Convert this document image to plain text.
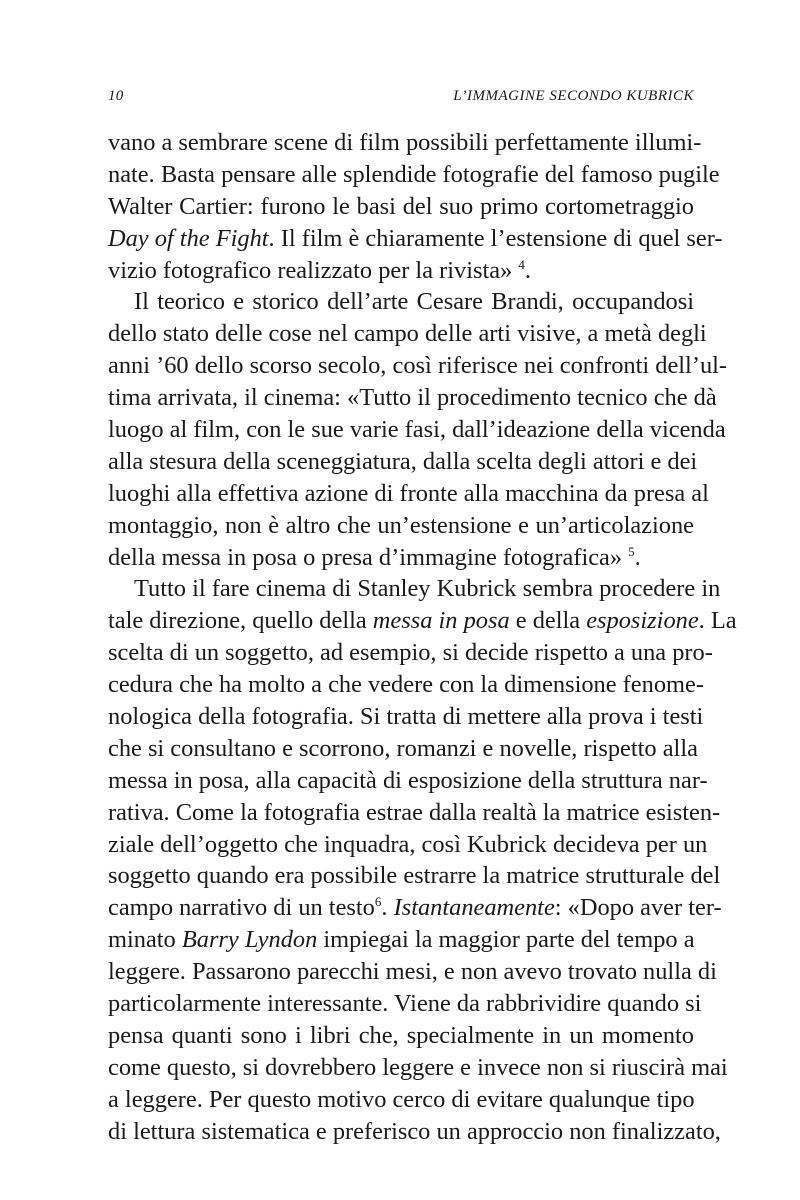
10	L’IMMAGINE SECONDO KUBRICK
vano a sembrare scene di film possibili perfettamente illumi-
nate. Basta pensare alle splendide fotografie del famoso pugile
Walter Cartier: furono le basi del suo primo cortometraggio
Day of the Fight. Il film è chiaramente l’estensione di quel ser-
vizio fotografico realizzato per la rivista» $^4$.
Il teorico e storico dell’arte Cesare Brandi, occupandosi
dello stato delle cose nel campo delle arti visive, a metà degli
anni ’60 dello scorso secolo, così riferisce nei confronti dell’ul-
tima arrivata, il cinema: «Tutto il procedimento tecnico che dà
luogo al film, con le sue varie fasi, dall’ideazione della vicenda
alla stesura della sceneggiatura, dalla scelta degli attori e dei
luoghi alla effettiva azione di fronte alla macchina da presa al
montaggio, non è altro che un’estensione e un’articolazione
della messa in posa o presa d’immagine fotografica» $^5$.
Tutto il fare cinema di Stanley Kubrick sembra procedere in
tale direzione, quello della messa in posa e della esposizione. La
scelta di un soggetto, ad esempio, si decide rispetto a una pro-
cedura che ha molto a che vedere con la dimensione fenome-
nologica della fotografia. Si tratta di mettere alla prova i testi
che si consultano e scorrono, romanzi e novelle, rispetto alla
messa in posa, alla capacità di esposizione della struttura nar-
rativa. Come la fotografia estrae dalla realtà la matrice esisten-
ziale dell’oggetto che inquadra, così Kubrick decideva per un
soggetto quando era possibile estrarre la matrice strutturale del
campo narrativo di un testo$^6$. Istantaneamente: «Dopo aver ter-
minato Barry Lyndon impiegai la maggior parte del tempo a
leggere. Passarono parecchi mesi, e non avevo trovato nulla di
particolarmente interessante. Viene da rabbrividire quando si
pensa quanti sono i libri che, specialmente in un momento
come questo, si dovrebbero leggere e invece non si riuscirà mai
a leggere. Per questo motivo cerco di evitare qualunque tipo
di lettura sistematica e preferisco un approccio non finalizzato,
